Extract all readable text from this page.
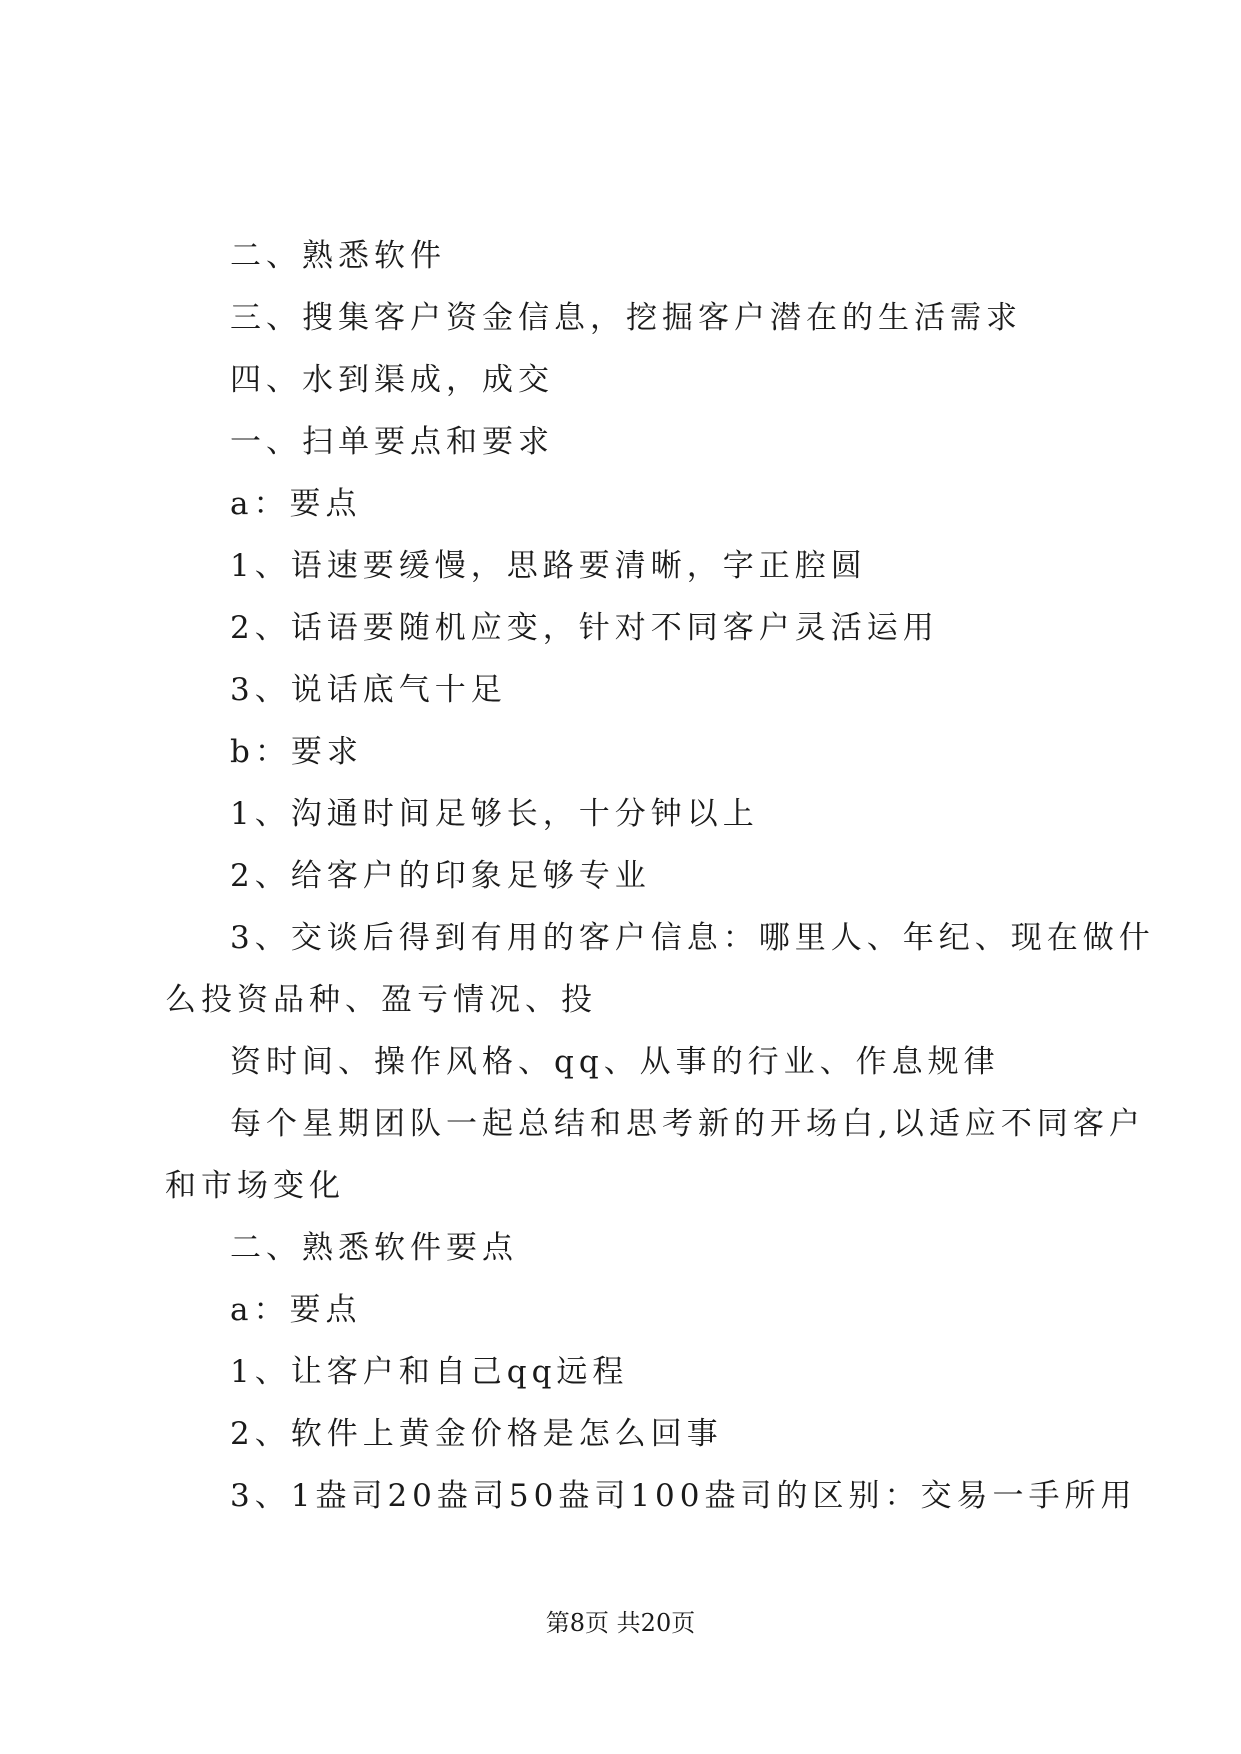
二、熟悉软件
三、搜集客户资金信息，挖掘客户潜在的生活需求
四、水到渠成，成交
一、扫单要点和要求
a：要点
1、语速要缓慢，思路要清晰，字正腔圆
2、话语要随机应变，针对不同客户灵活运用
3、说话底气十足
b：要求
1、沟通时间足够长，十分钟以上
2、给客户的印象足够专业
3、交谈后得到有用的客户信息：哪里人、年纪、现在做什
么投资品种、盈亏情况、投
资时间、操作风格、qq、从事的行业、作息规律
每个星期团队一起总结和思考新的开场白,以适应不同客户
和市场变化
二、熟悉软件要点
a：要点
1、让客户和自己qq远程
2、软件上黄金价格是怎么回事
3、1盎司20盎司50盎司100盎司的区别：交易一手所用
第8页 共20页
